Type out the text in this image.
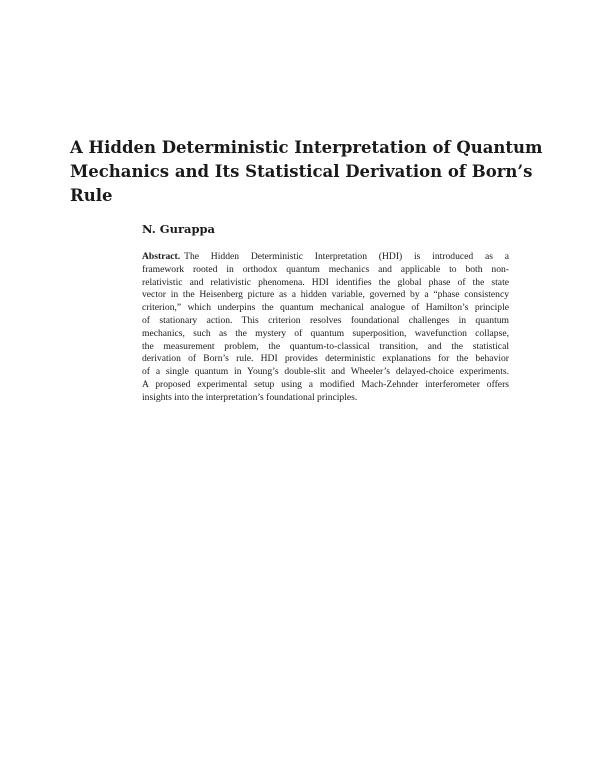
A Hidden Deterministic Interpretation of Quantum
Mechanics and Its Statistical Derivation of Born’s
Rule

N. Gurappa

Abstract. The Hidden Deterministic Interpretation (HDI) is introduced as a
framework rooted in orthodox quantum mechanics and applicable to both non-
relativistic and relativistic phenomena. HDI identifies the global phase of the state
vector in the Heisenberg picture as a hidden variable, governed by a “phase consistency
criterion,” which underpins the quantum mechanical analogue of Hamilton’s principle
of stationary action. This criterion resolves foundational challenges in quantum
mechanics, such as the mystery of quantum superposition, wavefunction collapse,
the measurement problem, the quantum-to-classical transition, and the statistical
derivation of Born’s rule. HDI provides deterministic explanations for the behavior
of a single quantum in Young’s double-slit and Wheeler’s delayed-choice experiments.
A proposed experimental setup using a modified Mach-Zehnder interferometer offers
insights into the interpretation’s foundational principles.
